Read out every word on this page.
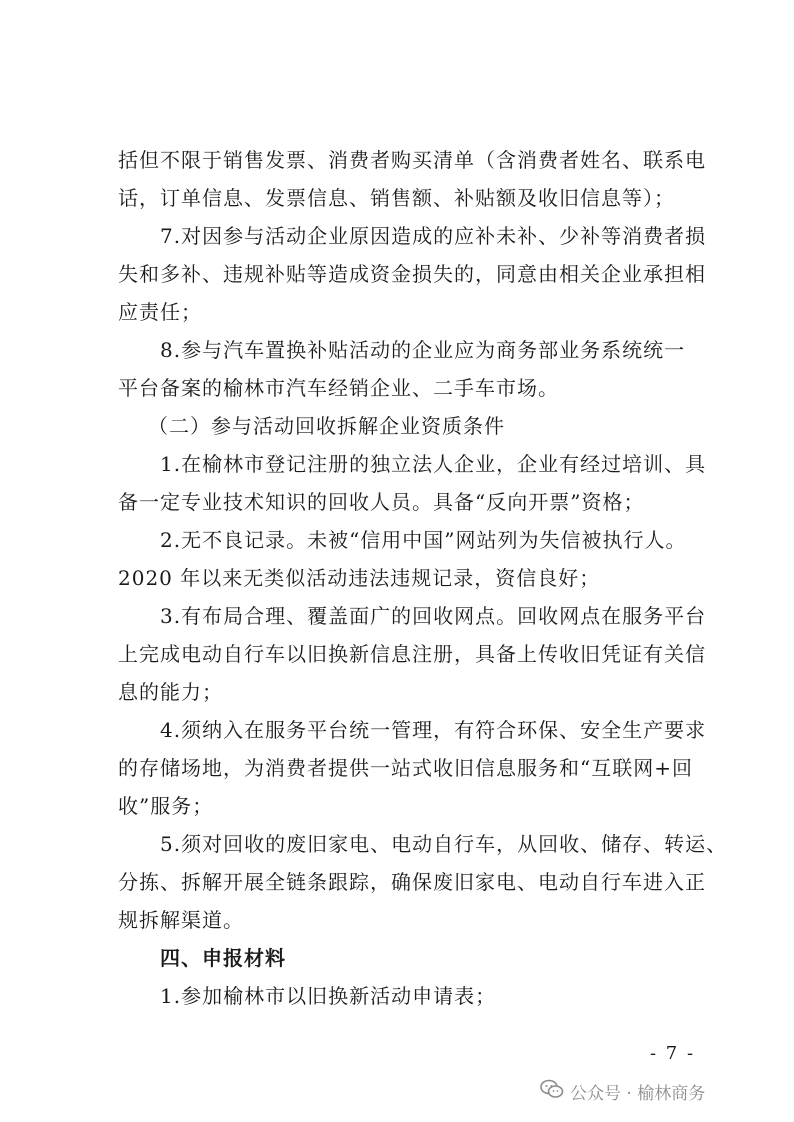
括但不限于销售发票、消费者购买清单（含消费者姓名、联系电
话，订单信息、发票信息、销售额、补贴额及收旧信息等）；
7.对因参与活动企业原因造成的应补未补、少补等消费者损
失和多补、违规补贴等造成资金损失的，同意由相关企业承担相
应责任；
8.参与汽车置换补贴活动的企业应为商务部业务系统统一
平台备案的榆林市汽车经销企业、二手车市场。
（二）参与活动回收拆解企业资质条件
1.在榆林市登记注册的独立法人企业，企业有经过培训、具
备一定专业技术知识的回收人员。具备“反向开票”资格；
2.无不良记录。未被“信用中国”网站列为失信被执行人。
2020 年以来无类似活动违法违规记录，资信良好；
3.有布局合理、覆盖面广的回收网点。回收网点在服务平台
上完成电动自行车以旧换新信息注册，具备上传收旧凭证有关信
息的能力；
4.须纳入在服务平台统一管理，有符合环保、安全生产要求
的存储场地，为消费者提供一站式收旧信息服务和“互联网+回
收”服务；
5.须对回收的废旧家电、电动自行车，从回收、储存、转运、
分拣、拆解开展全链条跟踪，确保废旧家电、电动自行车进入正
规拆解渠道。
四、申报材料
1.参加榆林市以旧换新活动申请表；
- 7 -
公众号 · 榆林商务
